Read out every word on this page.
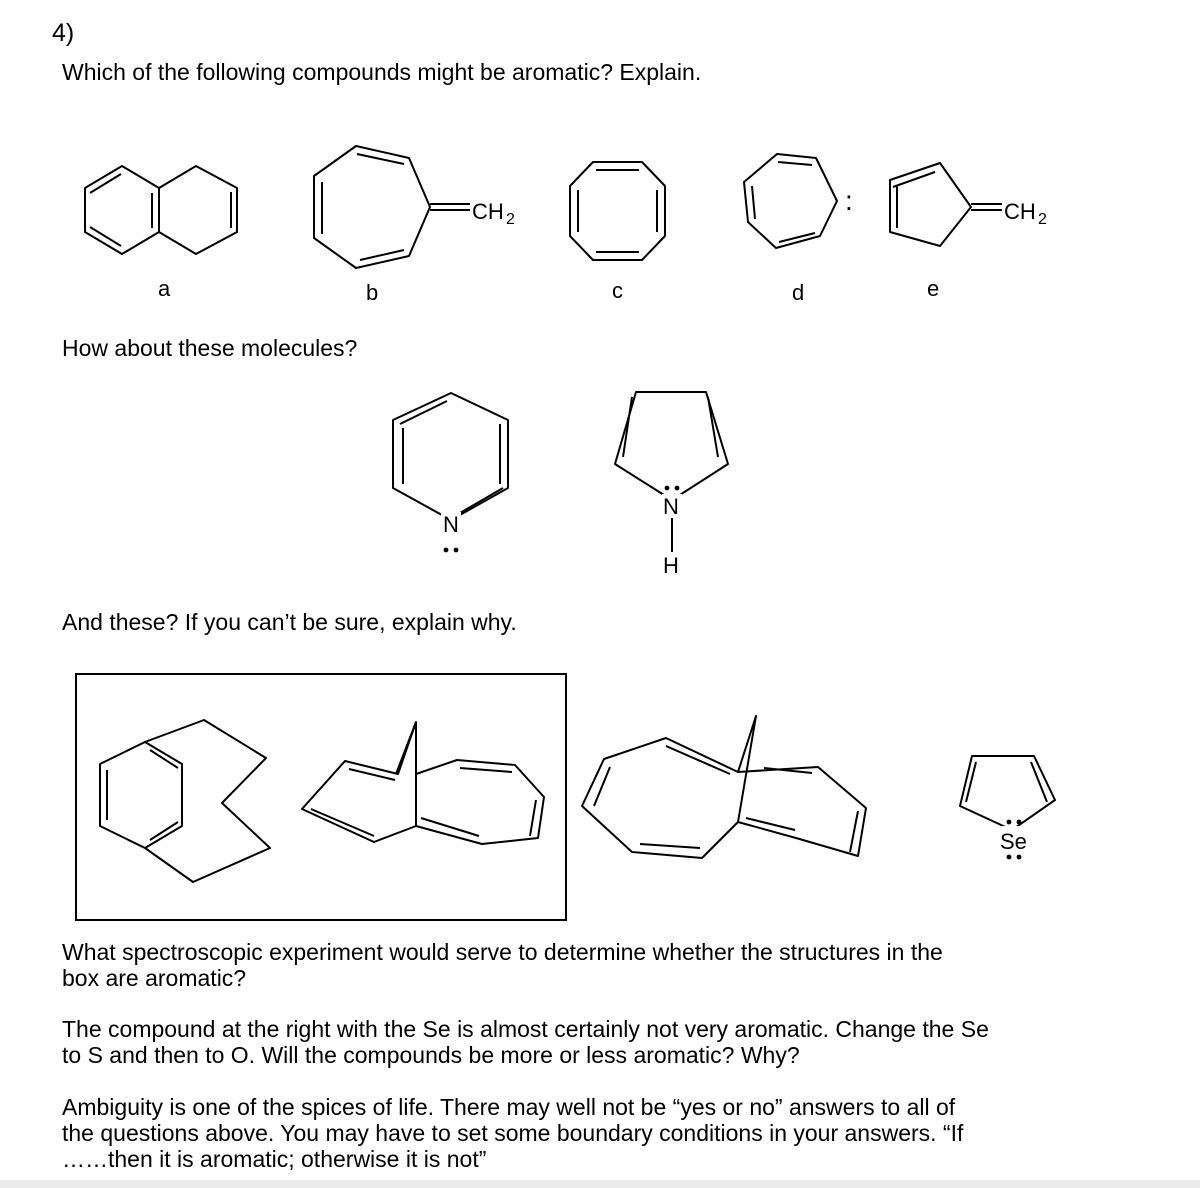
4)
Which of the following compounds might be aromatic? Explain.
a	b	c	d	e
How about these molecules?
And these? If you can’t be sure, explain why.
CH 2
:	CH 2
N
N
H
Se
What spectroscopic experiment would serve to determine whether the structures in the
box are aromatic?
The compound at the right with the Se is almost certainly not very aromatic. Change the Se
to S and then to O. Will the compounds be more or less aromatic? Why?
Ambiguity is one of the spices of life. There may well not be “yes or no” answers to all of
the questions above. You may have to set some boundary conditions in your answers. “If
……then it is aromatic; otherwise it is not”
